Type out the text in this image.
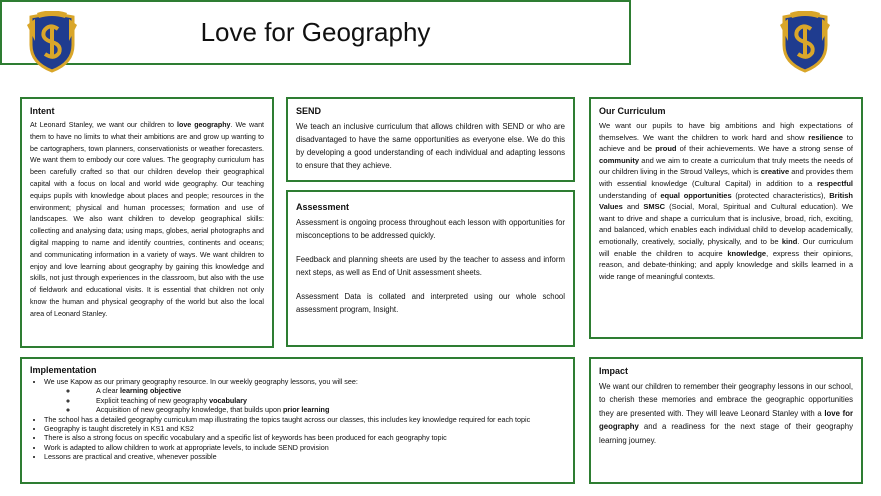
Love for Geography
Intent
At Leonard Stanley, we want our children to love geography. We want them to have no limits to what their ambitions are and grow up wanting to be cartographers, town planners, conservationists or weather forecasters. We want them to embody our core values. The geography curriculum has been carefully crafted so that our children develop their geographical capital with a focus on local and world wide geography. Our teaching equips pupils with knowledge about places and people; resources in the environment; physical and human processes; formation and use of landscapes. We also want children to develop geographical skills: collecting and analysing data; using maps, globes, aerial photographs and digital mapping to name and identify countries, continents and oceans; and communicating information in a variety of ways. We want children to enjoy and love learning about geography by gaining this knowledge and skills, not just through experiences in the classroom, but also with the use of fieldwork and educational visits. It is essential that children not only know the human and physical geography of the world but also the local area of Leonard Stanley.
SEND
We teach an inclusive curriculum that allows children with SEND or who are disadvantaged to have the same opportunities as everyone else. We do this by developing a good understanding of each individual and adapting lessons to ensure that they achieve.
Assessment
Assessment is ongoing process throughout each lesson with opportunities for misconceptions to be addressed quickly.
Feedback and planning sheets are used by the teacher to assess and inform next steps, as well as End of Unit assessment sheets.
Assessment Data is collated and interpreted using our whole school assessment program, Insight.
Our Curriculum
We want our pupils to have big ambitions and high expectations of themselves. We want the children to work hard and show resilience to achieve and be proud of their achievements. We have a strong sense of community and we aim to create a curriculum that truly meets the needs of our children living in the Stroud Valleys, which is creative and provides them with essential knowledge (Cultural Capital) in addition to a respectful understanding of equal opportunities (protected characteristics), British Values and SMSC (Social, Moral, Spiritual and Cultural education). We want to drive and shape a curriculum that is inclusive, broad, rich, exciting, and balanced, which enables each individual child to develop academically, emotionally, creatively, socially, physically, and to be kind. Our curriculum will enable the children to acquire knowledge, express their opinions, reason, and debate-thinking; and apply knowledge and skills learned in a wide range of meaningful contexts.
Implementation
• We use Kapow as our primary geography resource. In our weekly geography lessons, you will see:
◦ A clear learning objective
◦ Explicit teaching of new geography vocabulary
◦ Acquisition of new geography knowledge, that builds upon prior learning
• The school has a detailed geography curriculum map illustrating the topics taught across our classes, this includes key knowledge required for each topic
• Geography is taught discretely in KS1 and KS2
• There is also a strong focus on specific vocabulary and a specific list of keywords has been produced for each geography topic
• Work is adapted to allow children to work at appropriate levels, to include SEND provision
• Lessons are practical and creative, whenever possible
Impact
We want our children to remember their geography lessons in our school, to cherish these memories and embrace the geographic opportunities they are presented with. They will leave Leonard Stanley with a love for geography and a readiness for the next stage of their geography learning journey.
